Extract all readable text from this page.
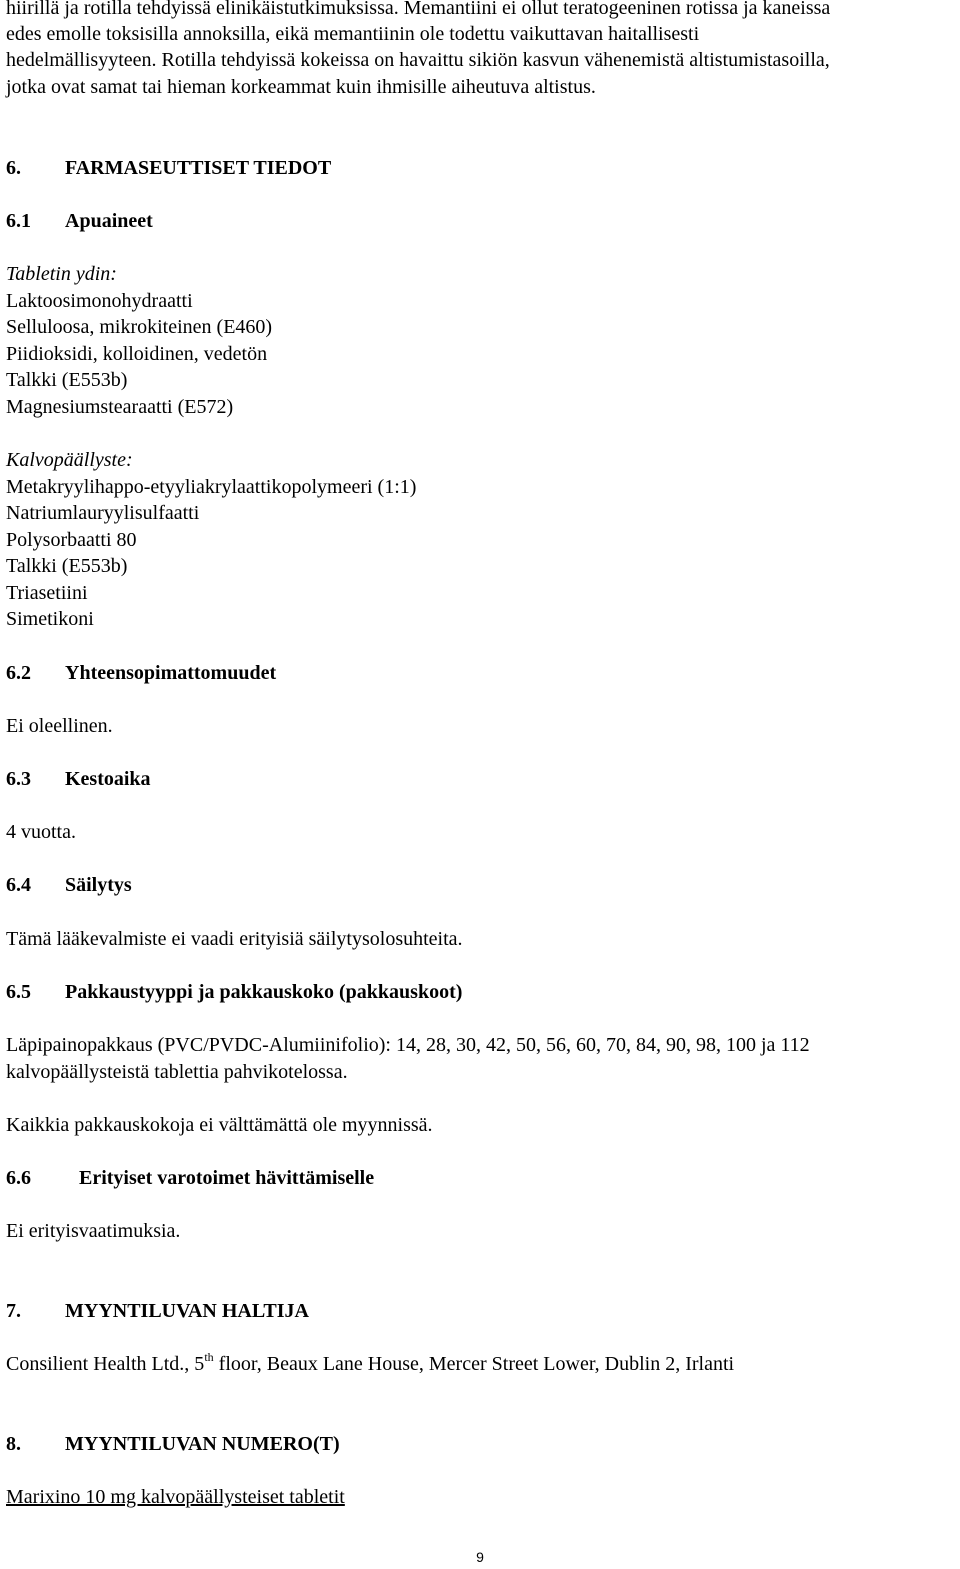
hiirillä ja rotilla tehdyissä elinikäistutkimuksissa. Memantiini ei ollut teratogeeninen rotissa ja kaneissa
edes emolle toksisilla annoksilla, eikä memantiinin ole todettu vaikuttavan haitallisesti
hedelmällisyyteen. Rotilla tehdyissä kokeissa on havaittu sikiön kasvun vähenemistä altistumistasoilla,
jotka ovat samat tai hieman korkeammat kuin ihmisille aiheutuva altistus.
6. FARMASEUTTISET TIEDOT
6.1 Apuaineet
Tabletin ydin:
Laktoosimonohydraatti
Selluloosa, mikrokiteinen (E460)
Piidioksidi, kolloidinen, vedetön
Talkki (E553b)
Magnesiumstearaatti (E572)
Kalvopäällyste:
Metakryylihappo-etyyliakrylaattikopolymeeri (1:1)
Natriumlauryylisulfaatti
Polysorbaatti 80
Talkki (E553b)
Triasetiini
Simetikoni
6.2 Yhteensopimattomuudet
Ei oleellinen.
6.3 Kestoaika
4 vuotta.
6.4 Säilytys
Tämä lääkevalmiste ei vaadi erityisiä säilytysolosuhteita.
6.5 Pakkaustyyppi ja pakkauskoko (pakkauskoot)
Läpipainopakkaus (PVC/PVDC-Alumiinifolio): 14, 28, 30, 42, 50, 56, 60, 70, 84, 90, 98, 100 ja 112
kalvopäällysteistä tablettia pahvikotelossa.
Kaikkia pakkauskokoja ei välttämättä ole myynnissä.
6.6 Erityiset varotoimet hävittämiselle
Ei erityisvaatimuksia.
7. MYYNTILUVAN HALTIJA
Consilient Health Ltd., 5th floor, Beaux Lane House, Mercer Street Lower, Dublin 2, Irlanti
8. MYYNTILUVAN NUMERO(T)
Marixino 10 mg kalvopäällysteiset tabletit
9
